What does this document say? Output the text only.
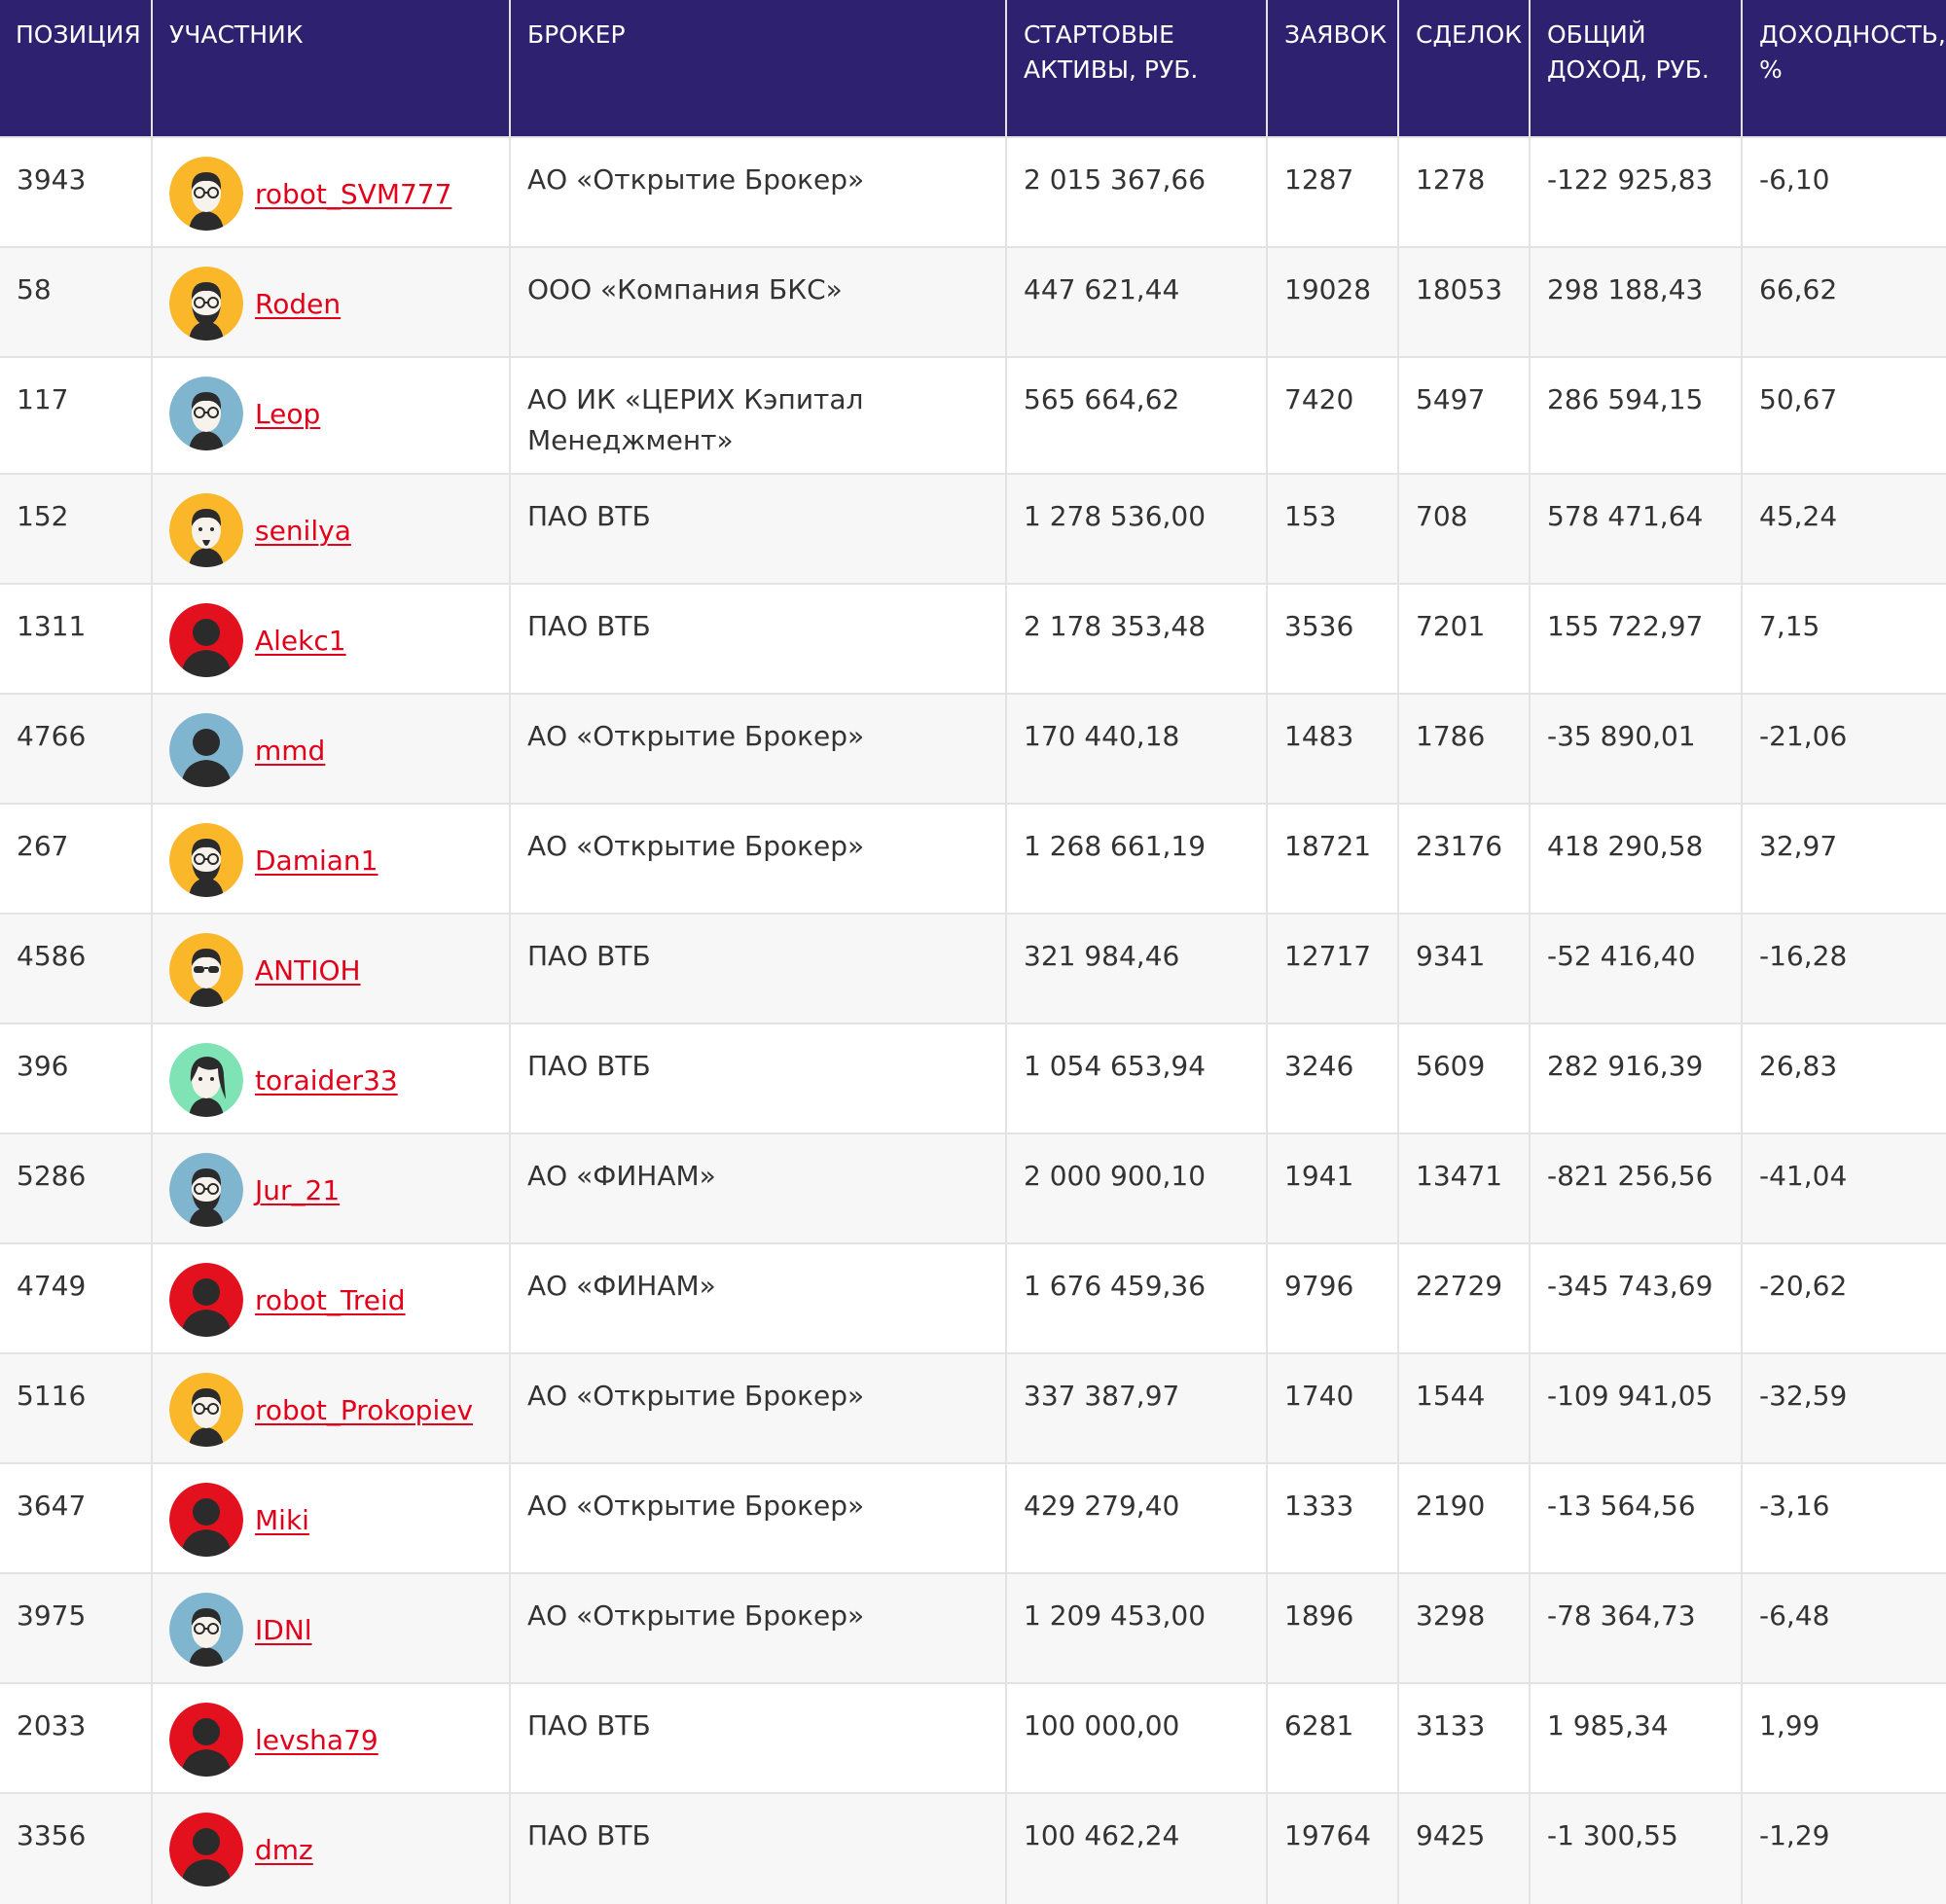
ПОЗИЦИЯ	УЧАСТНИК	БРОКЕР	СТАРТОВЫЕ АКТИВЫ, РУБ.	ЗАЯВОК	СДЕЛОК	ОБЩИЙ ДОХОД, РУБ.	ДОХОДНОСТЬ, %
3943	robot_SVM777	АО «Открытие Брокер»	2 015 367,66	1287	1278	-122 925,83	-6,10
58	Roden	ООО «Компания БКС»	447 621,44	19028	18053	298 188,43	66,62
117	Leop	АО ИК «ЦЕРИХ Кэпитал Менеджмент»	565 664,62	7420	5497	286 594,15	50,67
152	senilya	ПАО ВТБ	1 278 536,00	153	708	578 471,64	45,24
1311	Alekc1	ПАО ВТБ	2 178 353,48	3536	7201	155 722,97	7,15
4766	mmd	АО «Открытие Брокер»	170 440,18	1483	1786	-35 890,01	-21,06
267	Damian1	АО «Открытие Брокер»	1 268 661,19	18721	23176	418 290,58	32,97
4586	ANTIOH	ПАО ВТБ	321 984,46	12717	9341	-52 416,40	-16,28
396	toraider33	ПАО ВТБ	1 054 653,94	3246	5609	282 916,39	26,83
5286	Jur_21	АО «ФИНАМ»	2 000 900,10	1941	13471	-821 256,56	-41,04
4749	robot_Treid	АО «ФИНАМ»	1 676 459,36	9796	22729	-345 743,69	-20,62
5116	robot_Prokopiev	АО «Открытие Брокер»	337 387,97	1740	1544	-109 941,05	-32,59
3647	Miki	АО «Открытие Брокер»	429 279,40	1333	2190	-13 564,56	-3,16
3975	IDNl	АО «Открытие Брокер»	1 209 453,00	1896	3298	-78 364,73	-6,48
2033	levsha79	ПАО ВТБ	100 000,00	6281	3133	1 985,34	1,99
3356	dmz	ПАО ВТБ	100 462,24	19764	9425	-1 300,55	-1,29
